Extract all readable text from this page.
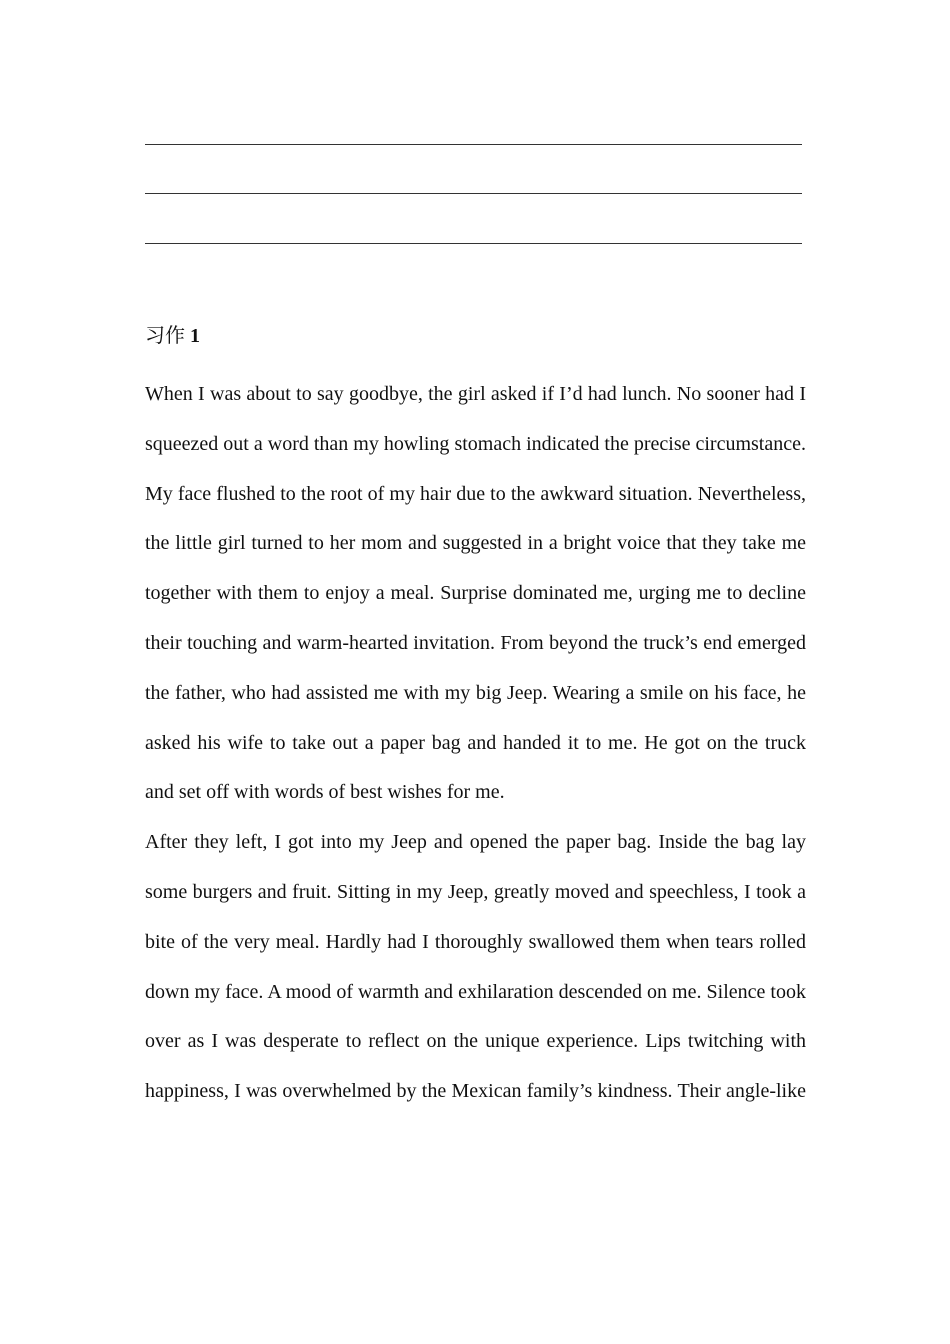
习作 1

When I was about to say goodbye, the girl asked if I’d had lunch. No sooner had I squeezed out a word than my howling stomach indicated the precise circumstance. My face flushed to the root of my hair due to the awkward situation. Nevertheless, the little girl turned to her mom and suggested in a bright voice that they take me together with them to enjoy a meal. Surprise dominated me, urging me to decline their touching and warm-hearted invitation. From beyond the truck’s end emerged the father, who had assisted me with my big Jeep. Wearing a smile on his face, he asked his wife to take out a paper bag and handed it to me. He got on the truck and set off with words of best wishes for me.

After they left, I got into my Jeep and opened the paper bag. Inside the bag lay some burgers and fruit. Sitting in my Jeep, greatly moved and speechless, I took a bite of the very meal. Hardly had I thoroughly swallowed them when tears rolled down my face. A mood of warmth and exhilaration descended on me. Silence took over as I was desperate to reflect on the unique experience. Lips twitching with happiness, I was overwhelmed by the Mexican family’s kindness. Their angle-like
